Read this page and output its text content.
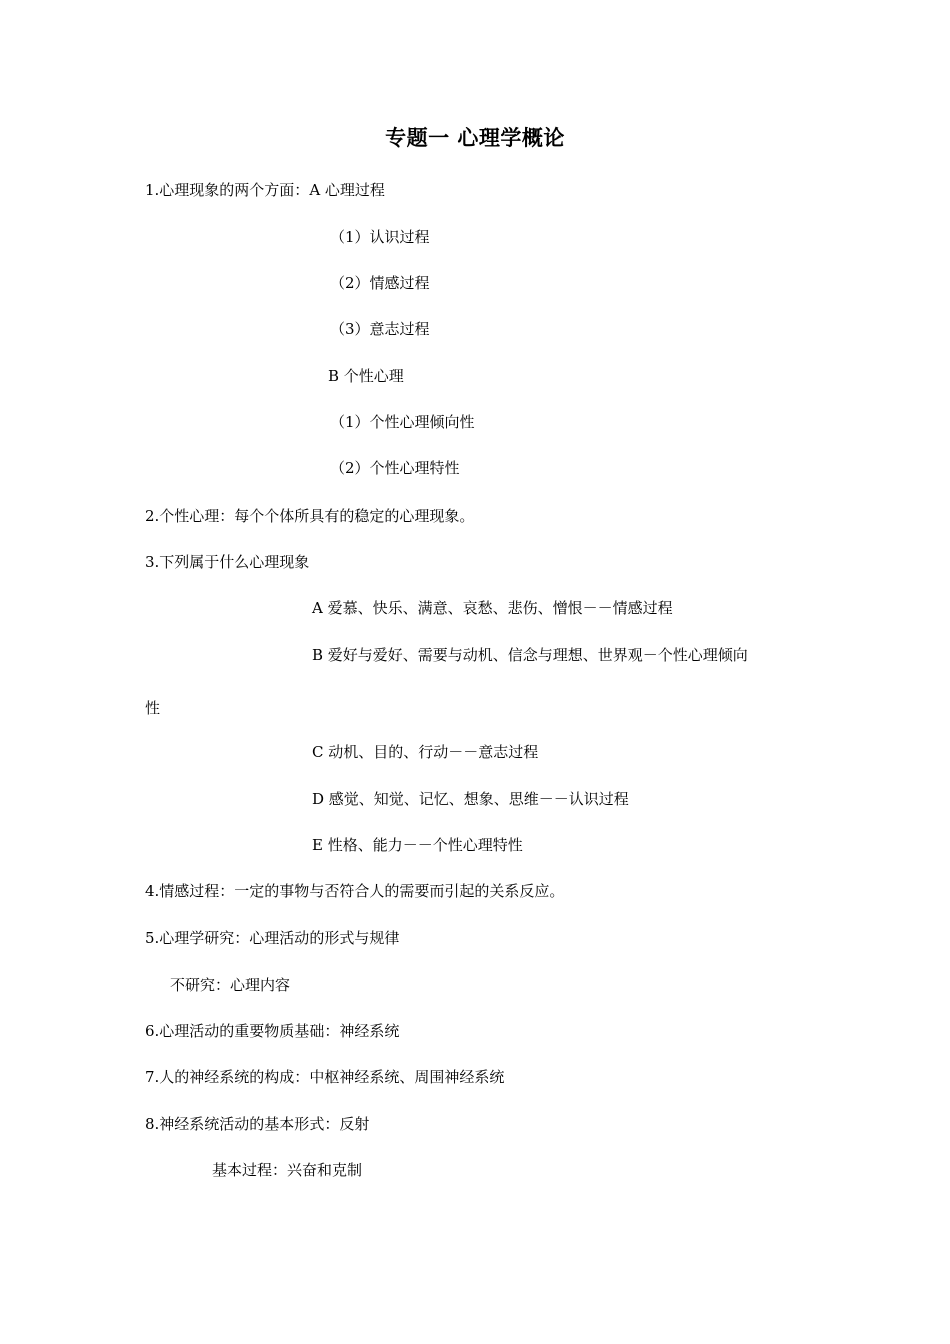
专题一 心理学概论
1.心理现象的两个方面：A 心理过程
（1）认识过程
（2）情感过程
（3）意志过程
B 个性心理
（1）个性心理倾向性
（2）个性心理特性
2.个性心理：每个个体所具有的稳定的心理现象。
3.下列属于什么心理现象
A 爱慕、快乐、满意、哀愁、悲伤、憎恨－－情感过程
B 爱好与爱好、需要与动机、信念与理想、世界观－个性心理倾向
性
C 动机、目的、行动－－意志过程
D 感觉、知觉、记忆、想象、思维－－认识过程
E 性格、能力－－个性心理特性
4.情感过程：一定的事物与否符合人的需要而引起的关系反应。
5.心理学研究：心理活动的形式与规律
不研究：心理内容
6.心理活动的重要物质基础：神经系统
7.人的神经系统的构成：中枢神经系统、周围神经系统
8.神经系统活动的基本形式：反射
基本过程：兴奋和克制
